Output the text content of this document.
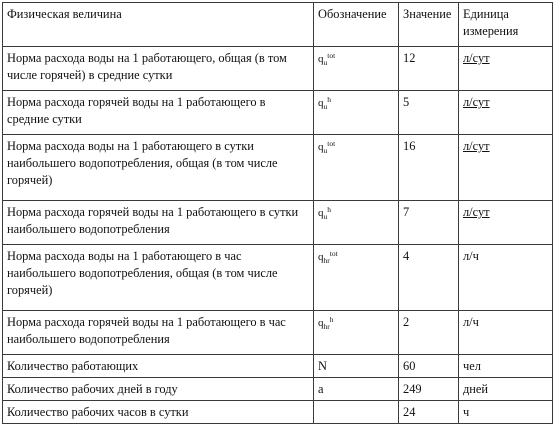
Физическая величина	Обозначение	Значение	Единица измерения
Норма расхода воды на 1 работающего, общая (в том числе горячей) в средние сутки	$q_u^{tot}$	12	л/сут
Норма расхода горячей воды на 1 работающего в средние сутки	$q_u^h$	5	л/сут
Норма расхода воды на 1 работающего в сутки наибольшего водопотребления, общая (в том числе горячей)	$q_u^{tot}$	16	л/сут
Норма расхода горячей воды на 1 работающего в сутки наибольшего водопотребления	$q_u^h$	7	л/сут
Норма расхода воды на 1 работающего в час наибольшего водопотребления, общая (в том числе горячей)	$q_{hr}^{tot}$	4	л/ч
Норма расхода горячей воды на 1 работающего в час наибольшего водопотребления	$q_{hr}^h$	2	л/ч
Количество работающих	N	60	чел
Количество рабочих дней в году	a	249	дней
Количество рабочих часов в сутки		24	ч
